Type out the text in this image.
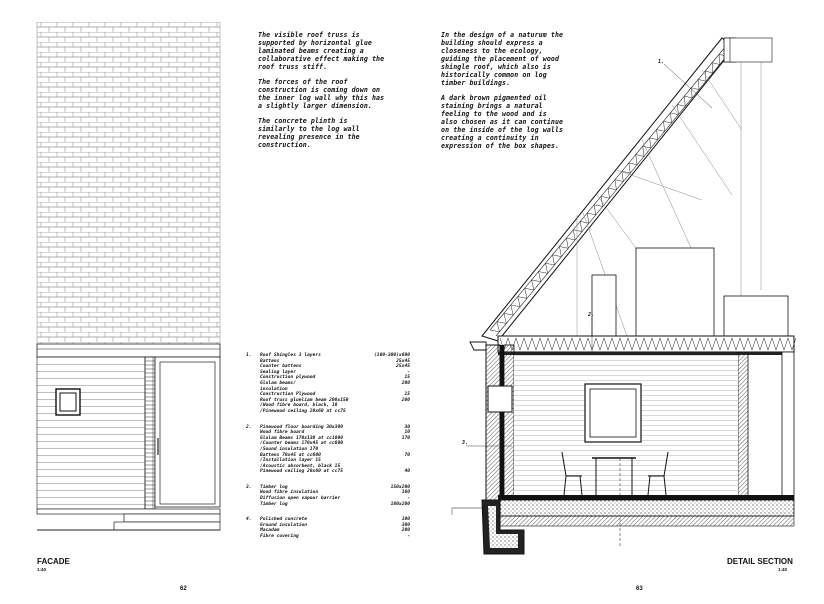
The visible roof truss is supported by horizontal glue laminated beams creating a collaborative effect making the roof truss stiff.

The forces of the roof construction is coming down on the inner log wall why this has a slightly larger dimension.

The concrete plinth is similarly to the log wall revealing presence in the construction.

1. Roof Shingles 3 layers	(100-300)x600
Battens	25x45
Counter battens	25x45
Sealing layer	-
Construction plywood	15
Glulam beams/	200
insulation
Construction Plywood	15
Roof truss glueliam beam 200x150	200
/Wood fibre board, black, 10
/Pinewood ceiling 20x60 at cc75
2. Pinewood floor boarding 30x300	30
Wood fibre board	10
Glulam Beams 170x130 at cc1000	170
/Counter beams 170x45 at cc600
/Sound insulation 170
Battens 70x45 at cc600	70
/Installation layer 15
/Acoustic absorbent, black 15
Pinewood ceiling 20x60 at cc75	40
3. Timber log	150x200
Wood fibre insulation	160
Diffusion open vapour barrier	-
Timber log	180x200
4. Polished concrete	100
Ground insulation	300
Macadam	200
Fibre covering	-
FACADE
1:40
62

In the design of a naturum the building should express a closeness to the ecology, guiding the placement of wood shingle roof, which also is historically common on log timber buildings.

A dark brown pigmented oil staining brings a natural feeling to the wood and is also chosen as it can continue on the inside of the log walls creating a continuity in expression of the box shapes.

1.
2.
3.
DETAIL SECTION
1:40
63
